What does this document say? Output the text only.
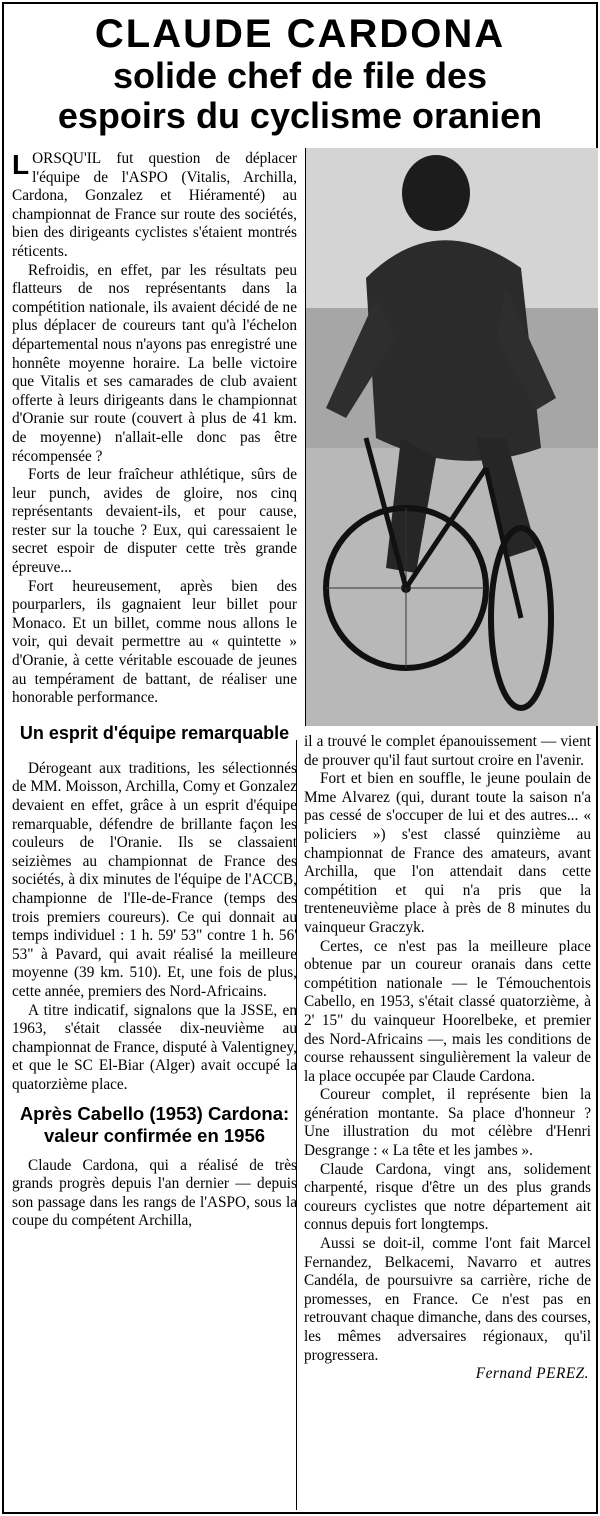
CLAUDE CARDONA
solide chef de file des
espoirs du cyclisme oranien

LORSQU'IL fut question de déplacer l'équipe de l'ASPO (Vitalis, Archilla, Cardona, Gonzalez et Hiéramenté) au championnat de France sur route des sociétés, bien des dirigeants cyclistes s'étaient montrés réticents.

Refroidis, en effet, par les résultats peu flatteurs de nos représentants dans la compétition nationale, ils avaient décidé de ne plus déplacer de coureurs tant qu'à l'échelon départemental nous n'ayons pas enregistré une honnête moyenne horaire. La belle victoire que Vitalis et ses camarades de club avaient offerte à leurs dirigeants dans le championnat d'Oranie sur route (couvert à plus de 41 km. de moyenne) n'allait-elle donc pas être récompensée ?

Forts de leur fraîcheur athlétique, sûrs de leur punch, avides de gloire, nos cinq représentants devaient-ils, et pour cause, rester sur la touche ? Eux, qui caressaient le secret espoir de disputer cette très grande épreuve...

Fort heureusement, après bien des pourparlers, ils gagnaient leur billet pour Monaco. Et un billet, comme nous allons le voir, qui devait permettre au « quintette » d'Oranie, à cette véritable escouade de jeunes au tempérament de battant, de réaliser une honorable performance.

Un esprit d'équipe remarquable

Dérogeant aux traditions, les sélectionnés de MM. Moisson, Archilla, Comy et Gonzalez devaient en effet, grâce à un esprit d'équipe remarquable, défendre de brillante façon les couleurs de l'Oranie. Ils se classaient seizièmes au championnat de France des sociétés, à dix minutes de l'équipe de l'ACCB, championne de l'Ile-de-France (temps des trois premiers coureurs). Ce qui donnait au temps individuel : 1 h. 59' 53" contre 1 h. 56' 53" à Pavard, qui avait réalisé la meilleure moyenne (39 km. 510). Et, une fois de plus, cette année, premiers des Nord-Africains.

A titre indicatif, signalons que la JSSE, en 1963, s'était classée dix-neuvième au championnat de France, disputé à Valentigney, et que le SC El-Biar (Alger) avait occupé la quatorzième place.

Après Cabello (1953) Cardona: valeur confirmée en 1956

Claude Cardona, qui a réalisé de très grands progrès depuis l'an dernier — depuis son passage dans les rangs de l'ASPO, sous la coupe du compétent Archilla,

il a trouvé le complet épanouissement — vient de prouver qu'il faut surtout croire en l'avenir.

Fort et bien en souffle, le jeune poulain de Mme Alvarez (qui, durant toute la saison n'a pas cessé de s'occuper de lui et des autres... « policiers ») s'est classé quinzième au championnat de France des amateurs, avant Archilla, que l'on attendait dans cette compétition et qui n'a pris que la trenteneuvième place à près de 8 minutes du vainqueur Graczyk.

Certes, ce n'est pas la meilleure place obtenue par un coureur oranais dans cette compétition nationale — le Témouchentois Cabello, en 1953, s'était classé quatorzième, à 2' 15" du vainqueur Hoorelbeke, et premier des Nord-Africains —, mais les conditions de course rehaussent singulièrement la valeur de la place occupée par Claude Cardona.

Coureur complet, il représente bien la génération montante. Sa place d'honneur ? Une illustration du mot célèbre d'Henri Desgrange : « La tête et les jambes ».

Claude Cardona, vingt ans, solidement charpenté, risque d'être un des plus grands coureurs cyclistes que notre département ait connus depuis fort longtemps.

Aussi se doit-il, comme l'ont fait Marcel Fernandez, Belkacemi, Navarro et autres Candéla, de poursuivre sa carrière, riche de promesses, en France. Ce n'est pas en retrouvant chaque dimanche, dans des courses, les mêmes adversaires régionaux, qu'il progressera.

Fernand PEREZ.
